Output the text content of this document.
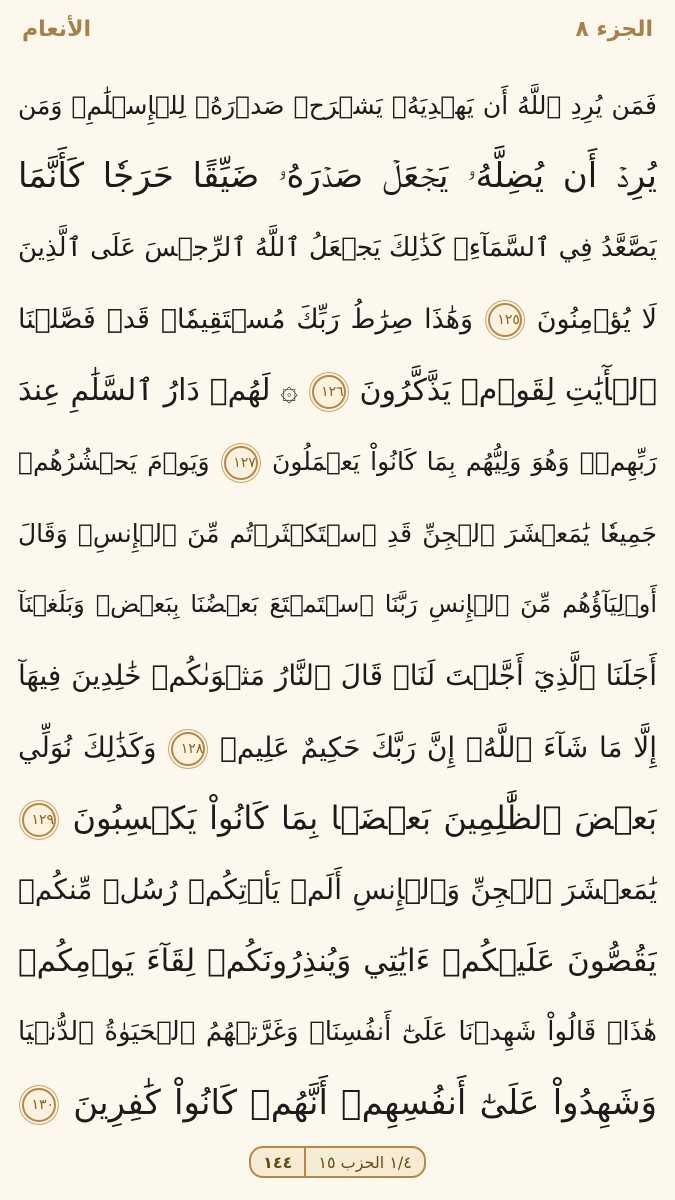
الأنعام	الجزء ٨
فَمَن يُرِدِ ٱللَّهُ أَن يَهۡدِيَهُۥ يَشۡرَحۡ صَدۡرَهُۥ لِلۡإِسۡلَٰمِۖ وَمَن
يُرِدۡ أَن يُضِلَّهُۥ يَجۡعَلۡ صَدۡرَهُۥ ضَيِّقًا حَرَجٗا كَأَنَّمَا
يَصَّعَّدُ فِي ٱلسَّمَآءِۚ كَذَٰلِكَ يَجۡعَلُ ٱللَّهُ ٱلرِّجۡسَ عَلَى ٱلَّذِينَ
لَا يُؤۡمِنُونَ ١٢٥ وَهَٰذَا صِرَٰطُ رَبِّكَ مُسۡتَقِيمٗاۗ قَدۡ فَصَّلۡنَا
ٱلۡأٓيَٰتِ لِقَوۡمٖ يَذَّكَّرُونَ ١٢٦ ۞ لَهُمۡ دَارُ ٱلسَّلَٰمِ عِندَ
رَبِّهِمۡۖ وَهُوَ وَلِيُّهُم بِمَا كَانُواْ يَعۡمَلُونَ ١٢٧ وَيَوۡمَ يَحۡشُرُهُمۡ
جَمِيعٗا يَٰمَعۡشَرَ ٱلۡجِنِّ قَدِ ٱسۡتَكۡثَرۡتُم مِّنَ ٱلۡإِنسِۖ وَقَالَ
أَوۡلِيَآؤُهُم مِّنَ ٱلۡإِنسِ رَبَّنَا ٱسۡتَمۡتَعَ بَعۡضُنَا بِبَعۡضٖ وَبَلَغۡنَآ
أَجَلَنَا ٱلَّذِيٓ أَجَّلۡتَ لَنَاۚ قَالَ ٱلنَّارُ مَثۡوَىٰكُمۡ خَٰلِدِينَ فِيهَآ
إِلَّا مَا شَآءَ ٱللَّهُۚ إِنَّ رَبَّكَ حَكِيمٌ عَلِيمٞ ١٢٨ وَكَذَٰلِكَ نُوَلِّي
بَعۡضَ ٱلظَّٰلِمِينَ بَعۡضَۢا بِمَا كَانُواْ يَكۡسِبُونَ ١٢٩
يَٰمَعۡشَرَ ٱلۡجِنِّ وَٱلۡإِنسِ أَلَمۡ يَأۡتِكُمۡ رُسُلٞ مِّنكُمۡ
يَقُصُّونَ عَلَيۡكُمۡ ءَايَٰتِي وَيُنذِرُونَكُمۡ لِقَآءَ يَوۡمِكُمۡ
هَٰذَاۚ قَالُواْ شَهِدۡنَا عَلَىٰٓ أَنفُسِنَاۖ وَغَرَّتۡهُمُ ٱلۡحَيَوٰةُ ٱلدُّنۡيَا
وَشَهِدُواْ عَلَىٰٓ أَنفُسِهِمۡ أَنَّهُمۡ كَانُواْ كَٰفِرِينَ ١٣٠
١٤٤	١/٤ الحزب ١٥
